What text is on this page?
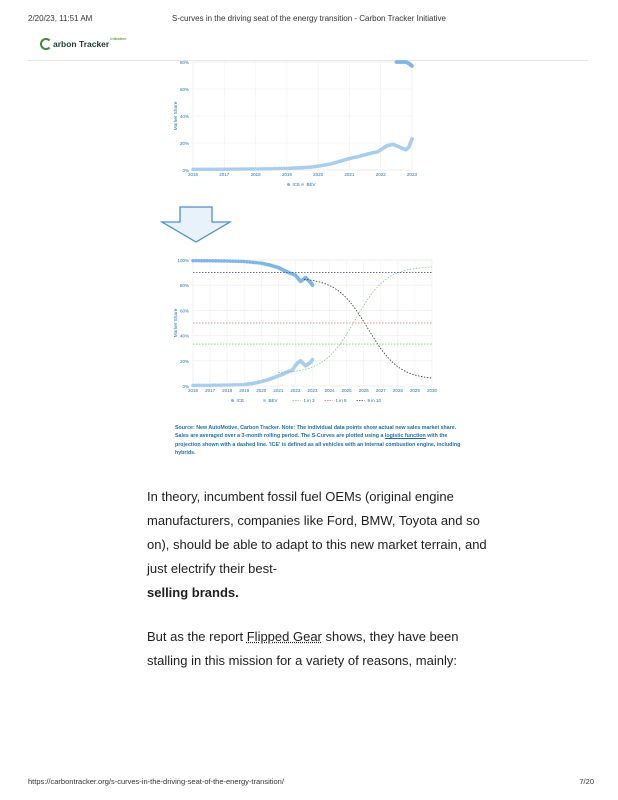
2/20/23, 11:51 AM	S-curves in the driving seat of the energy transition - Carbon Tracker Initiative
arbon Tracker
initiative
0%
20%
40%
60%
80%
2016	2017	2018	2019	2020	2021	2022	2023
Market Share
ICE BEV
0%
20%
40%
60%
80%
100%
2016 2017 2018 2019 2020 2021 2022 2023 2024 2025 2026 2027 2028 2029 2030
Market Share
ICE	BEV	1 in 3	1 in 8	9 in 10
Source: New AutoMotive, Carbon Tracker. Note: The individual data points show actual new sales market share. Sales are averaged over a 3-month rolling period. The S-Curves are plotted using a logistic function with the projection shown with a dashed line. 'ICE' is defined as all vehicles with an internal combustion engine, including hybrids.
In theory, incumbent fossil fuel OEMs (original engine manufacturers, companies like Ford, BMW, Toyota and so on), should be able to adapt to this new market terrain, and just electrify their best-
selling brands.
But as the report Flipped Gear shows, they have been stalling in this mission for a variety of reasons, mainly:
https://carbontracker.org/s-curves-in-the-driving-seat-of-the-energy-transition/	7/20
